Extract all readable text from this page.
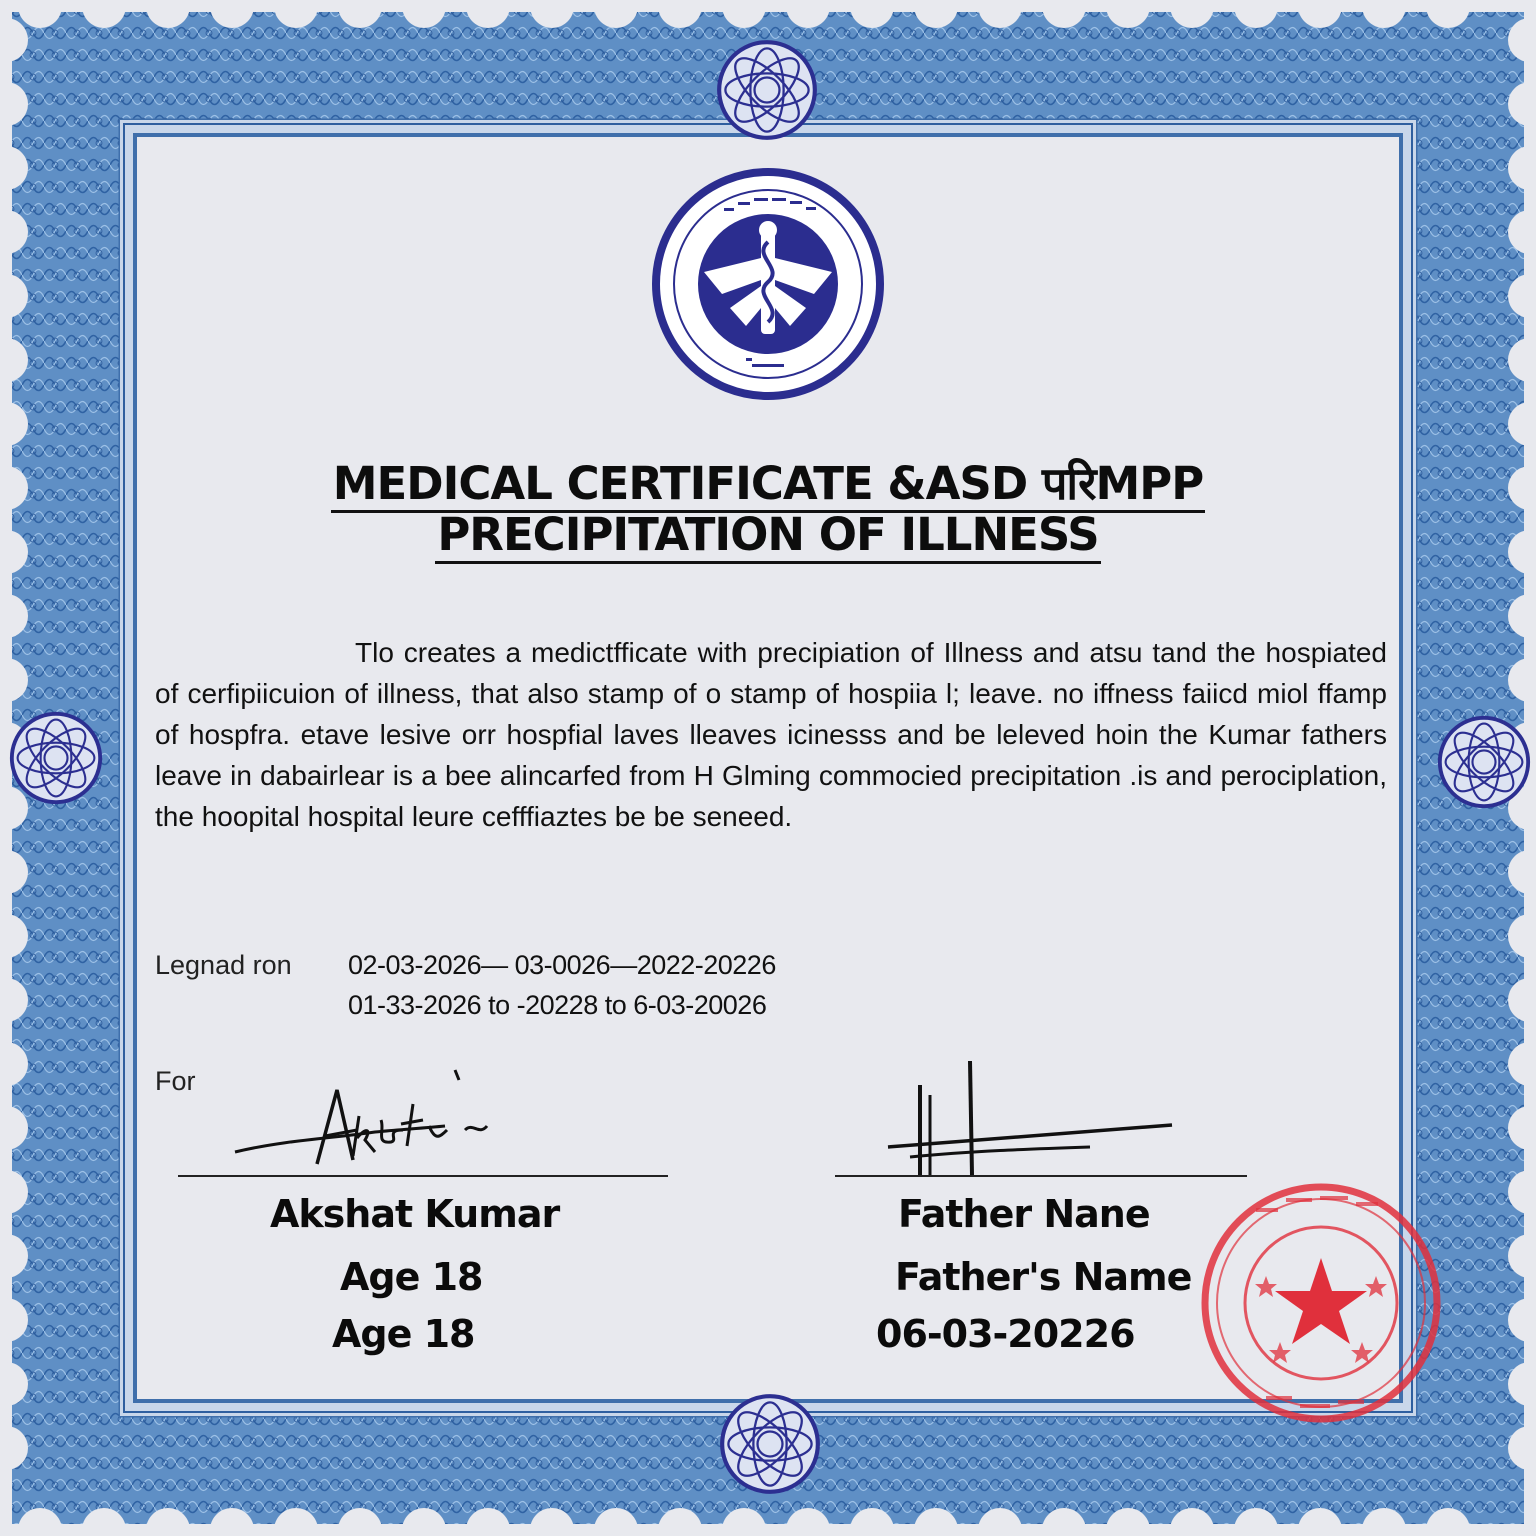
MEDICAL CERTIFICATE &ASD परिMPP
PRECIPITATION OF ILLNESS

Tlo creates a medictfficate with precipiation of Illness and atsu tand the hospiated of cerfipiicuion of illness, that also stamp of o stamp of hospiia l; leave. no iffness faiicd miol ffamp of hospfra. etave lesive orr hospfial laves lleaves icinesss and be leleved hoin the Kumar fathers leave in dabairlear is a bee alincarfed from H Glming commocied precipitation .is and perociplation, the hoopital hospital leure cefffiaztes be be seneed.

Legnad ron 02-03-2026— 03-0026—2022-20226
01-33-2026 to -20228 to 6-03-20026
For
Akshat Kumar
Age 18
Age 18
Father Nane
Father's Name
06-03-20226
